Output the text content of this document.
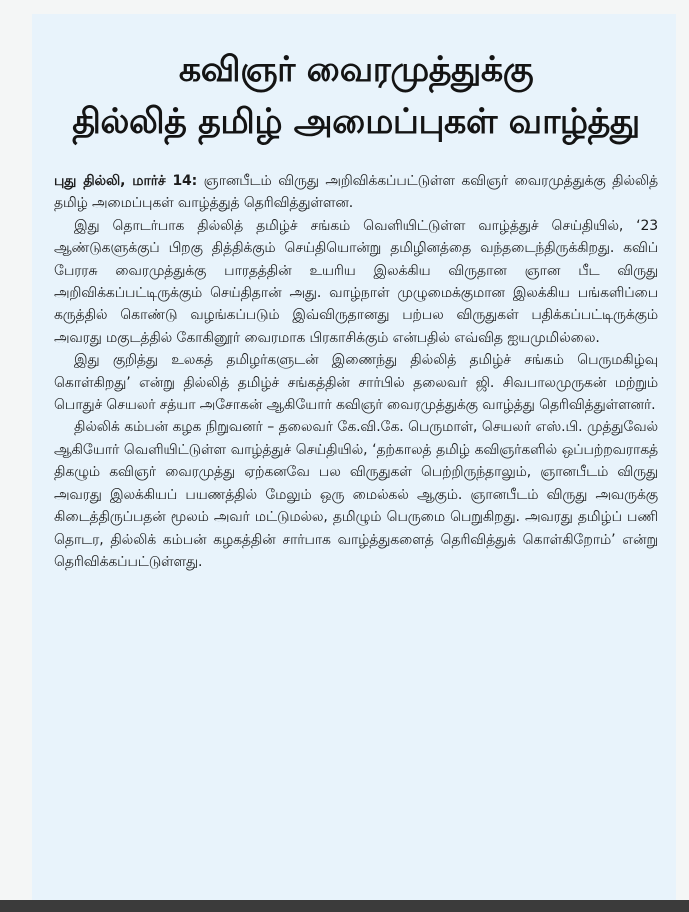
கவிஞர் வைரமுத்துக்கு
தில்லித் தமிழ் அமைப்புகள் வாழ்த்து

புது தில்லி, மார்ச் 14: ஞானபீடம் விருது அறிவிக்கப்பட்டுள்ள கவிஞர் வைரமுத்துக்கு தில்லித் தமிழ் அமைப்புகள் வாழ்த்துத் தெரிவித்துள்ளன.

இது தொடர்பாக தில்லித் தமிழ்ச் சங்கம் வெளியிட்டுள்ள வாழ்த்துச் செய்தியில், ‘23 ஆண்டுகளுக்குப் பிறகு தித்திக்கும் செய்தியொன்று தமிழினத்தை வந்தடைந்திருக்கிறது. கவிப் பேரரசு வைரமுத்துக்கு பாரதத்தின் உயரிய இலக்கிய விருதான ஞான பீட விருது அறிவிக்கப்பட்டிருக்கும் செய்திதான் அது. வாழ்நாள் முழுமைக்குமான இலக்கிய பங்களிப்பை கருத்தில் கொண்டு வழங்கப்படும் இவ்விருதானது பற்பல விருதுகள் பதிக்கப்பட்டிருக்கும் அவரது மகுடத்தில் கோகினூர் வைரமாக பிரகாசிக்கும் என்பதில் எவ்வித ஐயமுமில்லை.

இது குறித்து உலகத் தமிழர்களுடன் இணைந்து தில்லித் தமிழ்ச் சங்கம் பெருமகிழ்வு கொள்கிறது’ என்று தில்லித் தமிழ்ச் சங்கத்தின் சார்பில் தலைவர் ஜி. சிவபாலமுருகன் மற்றும் பொதுச் செயலர் சத்யா அசோகன் ஆகியோர் கவிஞர் வைரமுத்துக்கு வாழ்த்து தெரிவித்துள்ளனர்.

தில்லிக் கம்பன் கழக நிறுவனர் – தலைவர் கே.வி.கே. பெருமாள், செயலர் எஸ்.பி. முத்துவேல் ஆகியோர் வெளியிட்டுள்ள வாழ்த்துச் செய்தியில், ‘தற்காலத் தமிழ் கவிஞர்களில் ஒப்பற்றவராகத் திகழும் கவிஞர் வைரமுத்து ஏற்கனவே பல விருதுகள் பெற்றிருந்தாலும், ஞானபீடம் விருது அவரது இலக்கியப் பயணத்தில் மேலும் ஒரு மைல்கல் ஆகும். ஞானபீடம் விருது அவருக்கு கிடைத்திருப்பதன் மூலம் அவர் மட்டுமல்ல, தமிழும் பெருமை பெறுகிறது. அவரது தமிழ்ப் பணி தொடர, தில்லிக் கம்பன் கழகத்தின் சார்பாக வாழ்த்துகளைத் தெரிவித்துக் கொள்கிறோம்’ என்று தெரிவிக்கப்பட்டுள்ளது.
